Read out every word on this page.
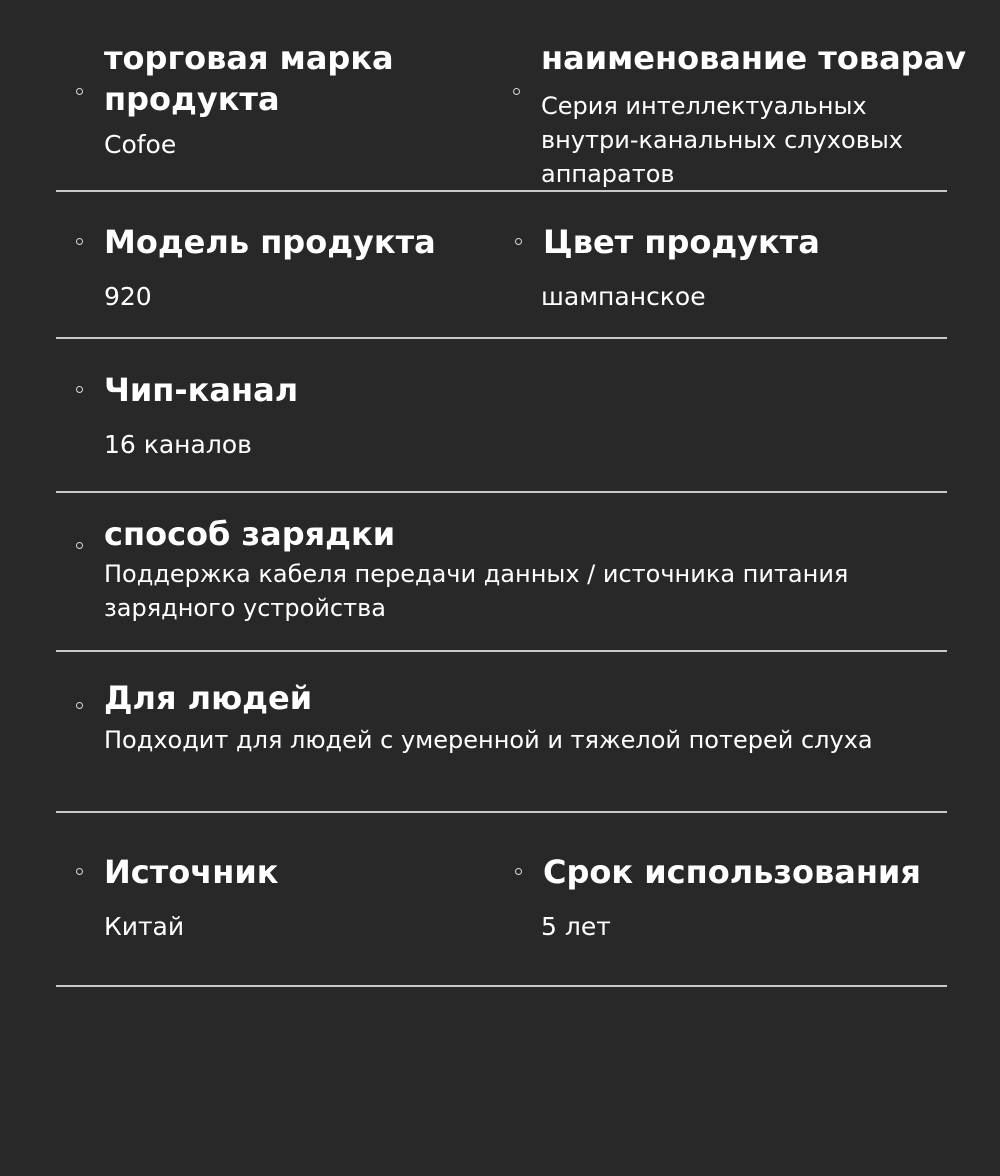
торговая марка продукта

Cofoe

наименование товарav

Серия интеллектуальных внутри-канальных слуховых аппаратов

Модель продукта

920

Цвет продукта

шампанское

Чип-канал

16 каналов

способ зарядки

Поддержка кабеля передачи данных / источника питания зарядного устройства

Для людей

Подходит для людей с умеренной и тяжелой потерей слуха

Источник

Китай

Срок использования

5 лет
